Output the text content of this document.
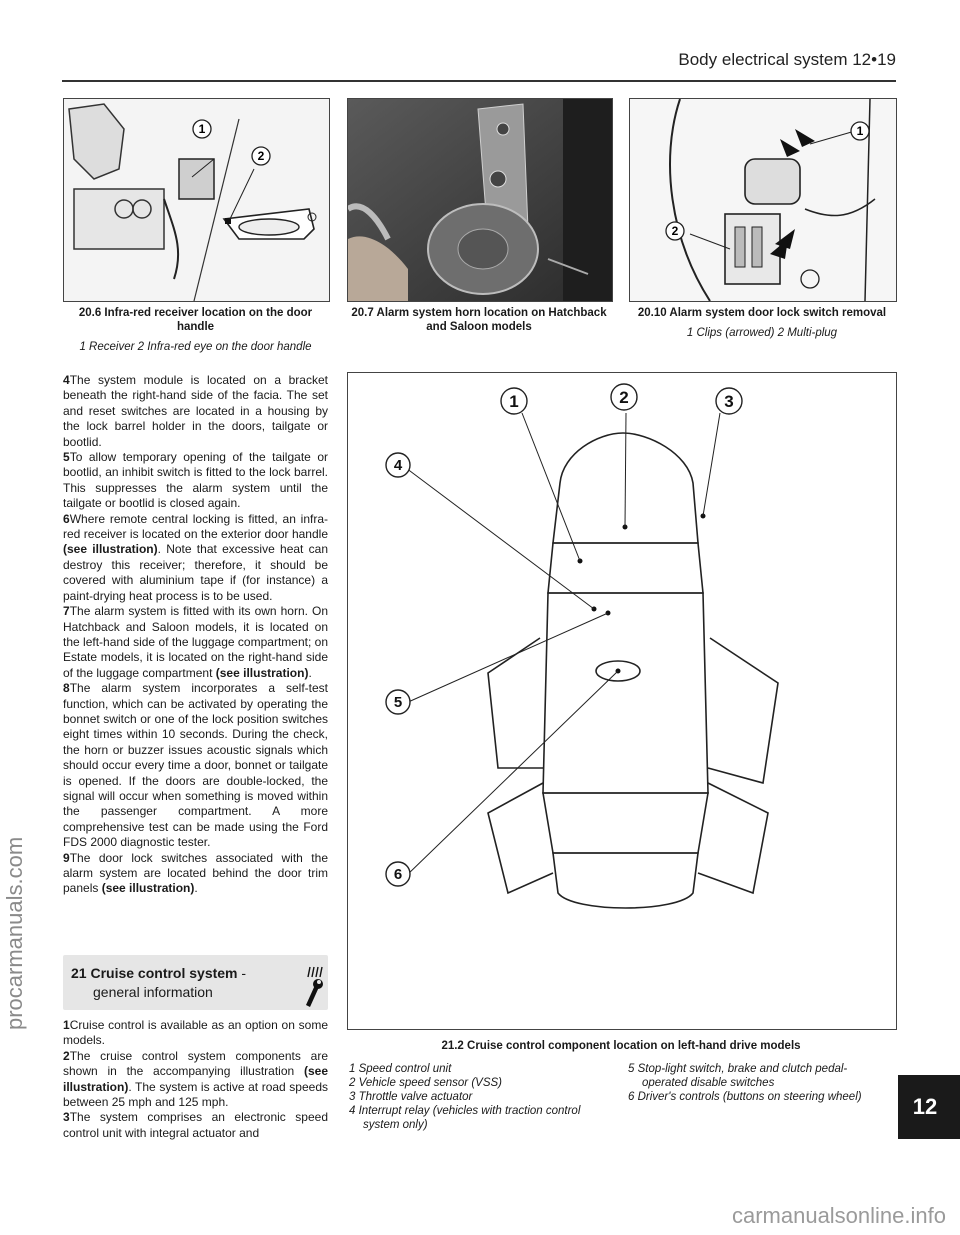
Body electrical system 12•19
1
2
1
2
20.6 Infra-red receiver location on the door handle
1 Receiver 2 Infra-red eye on the door handle
20.7 Alarm system horn location on Hatchback and Saloon models
20.10 Alarm system door lock switch removal
1 Clips (arrowed) 2 Multi-plug

4The system module is located on a bracket beneath the right-hand side of the facia. The set and reset switches are located in a housing by the lock barrel holder in the doors, tailgate or bootlid.

5To allow temporary opening of the tailgate or bootlid, an inhibit switch is fitted to the lock barrel. This suppresses the alarm system until the tailgate or bootlid is closed again.

6Where remote central locking is fitted, an infra-red receiver is located on the exterior door handle (see illustration). Note that excessive heat can destroy this receiver; therefore, it should be covered with aluminium tape if (for instance) a paint-drying heat process is to be used.

7The alarm system is fitted with its own horn. On Hatchback and Saloon models, it is located on the left-hand side of the luggage compartment; on Estate models, it is located on the right-hand side of the luggage compartment (see illustration).

8The alarm system incorporates a self-test function, which can be activated by operating the bonnet switch or one of the lock position switches eight times within 10 seconds. During the check, the horn or buzzer issues acoustic signals which should occur every time a door, bonnet or tailgate is opened. If the doors are double-locked, the signal will occur when something is moved within the passenger compartment. A more comprehensive test can be made using the Ford FDS 2000 diagnostic tester.

9The door lock switches associated with the alarm system are located behind the door trim panels (see illustration).

21 Cruise control system -
general information

1Cruise control is available as an option on some models.

2The cruise control system components are shown in the accompanying illustration (see illustration). The system is active at road speeds between 25 mph and 125 mph.

3The system comprises an electronic speed control unit with integral actuator and

1	2	3
4
5
6
21.2 Cruise control component location on left-hand drive models
1 Speed control unit
2 Vehicle speed sensor (VSS)
3 Throttle valve actuator
4 Interrupt relay (vehicles with traction control
system only)
5 Stop-light switch, brake and clutch pedal-
operated disable switches
6 Driver's controls (buttons on steering wheel)	12
procarmanuals.com
carmanualsonline.info
